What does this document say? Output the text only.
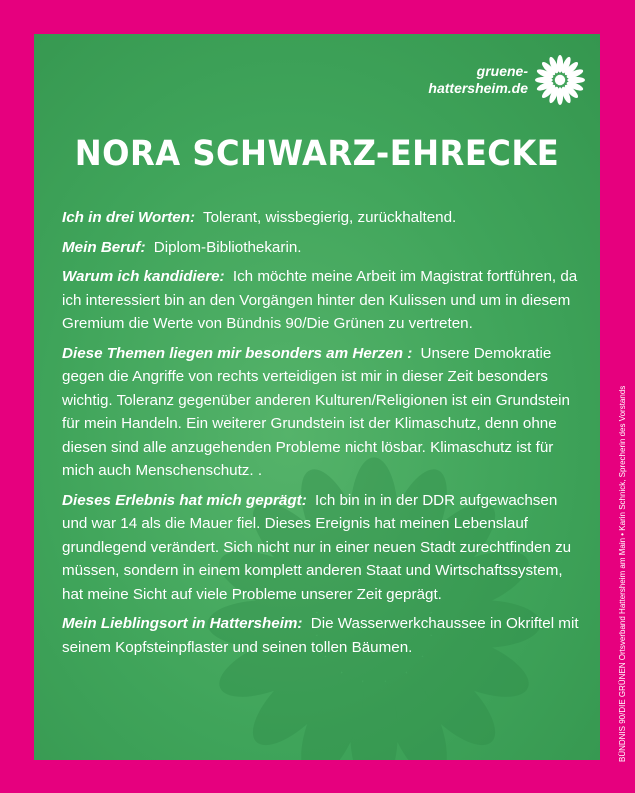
gruene-
hattersheim.de
NORA SCHWARZ-EHRECKE

Ich in drei Worten: Tolerant, wissbegierig, zurückhaltend.

Mein Beruf: Diplom-Bibliothekarin.

Warum ich kandidiere: Ich möchte meine Arbeit im Magistrat fortführen, da ich interessiert bin an den Vorgängen hinter den Kulissen und um in diesem Gremium die Werte von Bündnis 90/Die Grünen zu vertreten.

Diese Themen liegen mir besonders am Herzen : Unsere Demokratie gegen die Angriffe von rechts verteidigen ist mir in dieser Zeit besonders wichtig. Toleranz gegenüber anderen Kulturen/Religionen ist ein Grundstein für mein Handeln. Ein weiterer Grundstein ist der Klimaschutz, denn ohne diesen sind alle anzugehenden Probleme nicht lösbar. Klimaschutz ist für mich auch Menschenschutz. .

Dieses Erlebnis hat mich geprägt: Ich bin in in der DDR aufgewachsen und war 14 als die Mauer fiel. Dieses Ereignis hat meinen Lebenslauf grundlegend verändert. Sich nicht nur in einer neuen Stadt zurechtfinden zu müssen, sondern in einem komplett anderen Staat und Wirtschaftssystem, hat meine Sicht auf viele Probleme unserer Zeit geprägt.

Mein Lieblingsort in Hattersheim: Die Wasserwerkchaussee in Okriftel mit seinem Kopfsteinpflaster und seinen tollen Bäumen.	BÜNDNIS 90/DIE GRÜNEN Ortsverband Hattersheim am Main • Karin Schnick, Sprecherin des Vorstands
